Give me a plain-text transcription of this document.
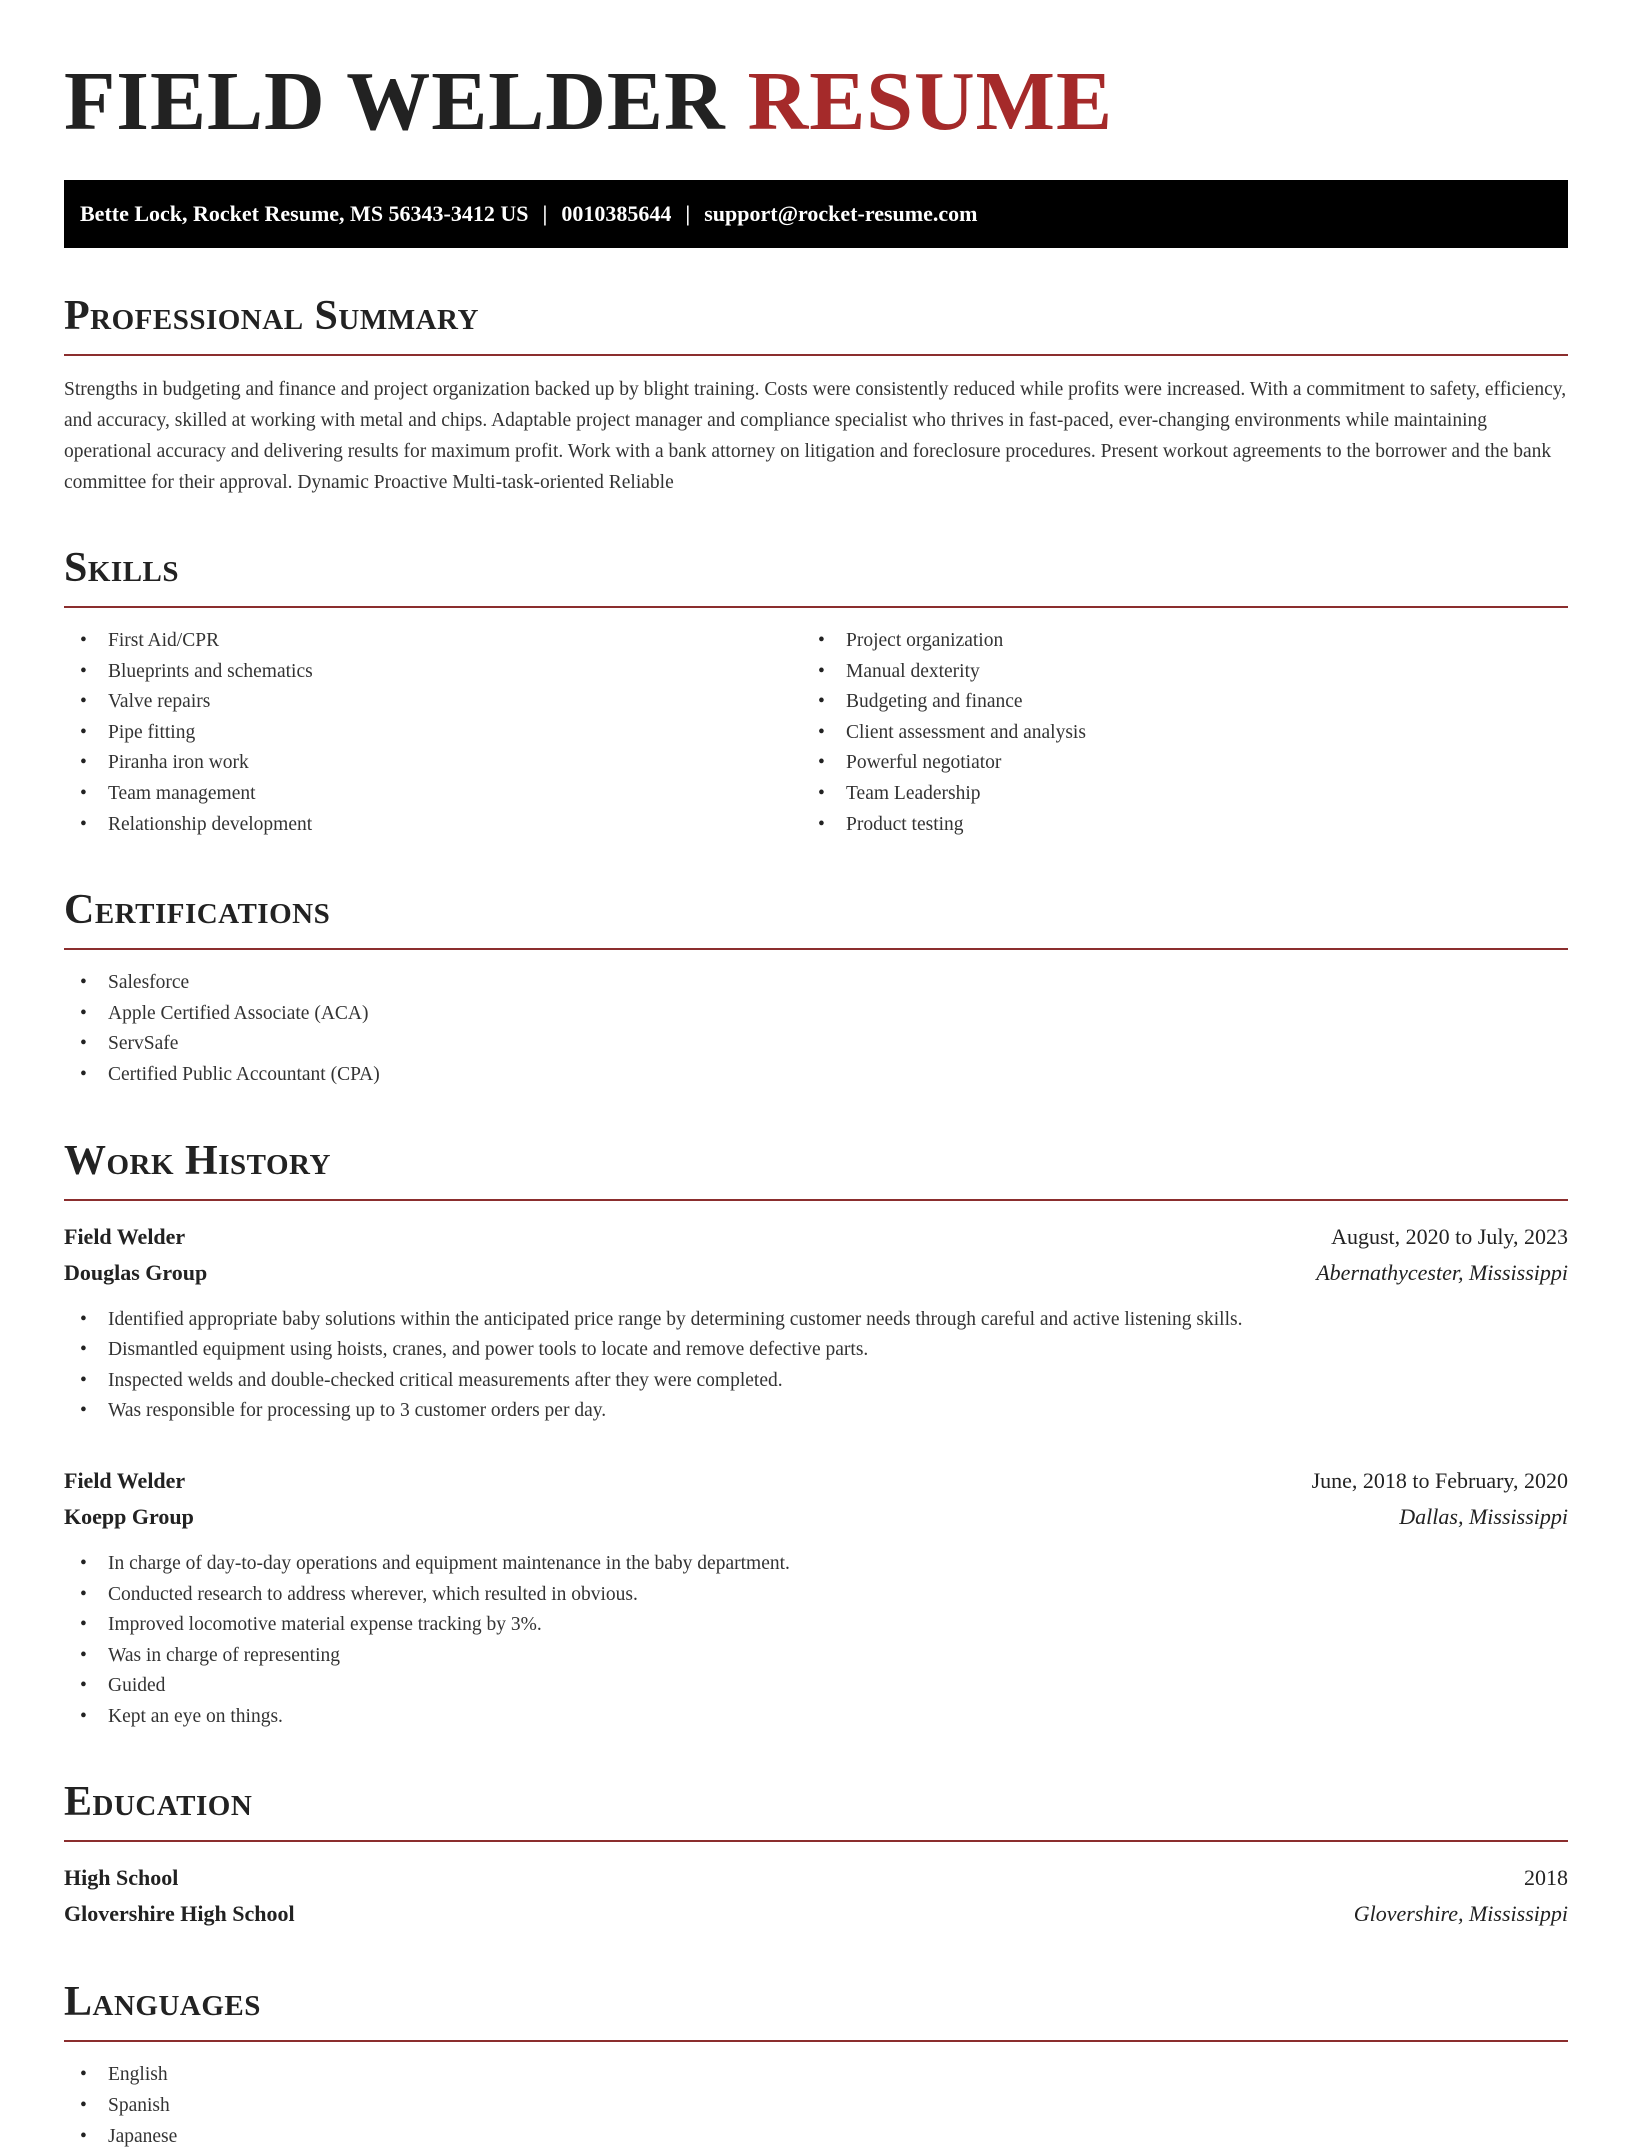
FIELD WELDER RESUME
Bette Lock, Rocket Resume, MS 56343-3412 US | 0010385644 | support@rocket-resume.com
Professional Summary

Strengths in budgeting and finance and project organization backed up by blight training. Costs were consistently reduced while profits were increased. With a commitment to safety, efficiency, and accuracy, skilled at working with metal and chips. Adaptable project manager and compliance specialist who thrives in fast-paced, ever-changing environments while maintaining operational accuracy and delivering results for maximum profit. Work with a bank attorney on litigation and foreclosure procedures. Present workout agreements to the borrower and the bank committee for their approval. Dynamic Proactive Multi-task-oriented Reliable

Skills
• First Aid/CPR
• Blueprints and schematics
• Valve repairs
• Pipe fitting
• Piranha iron work
• Team management
• Relationship development
• Project organization
• Manual dexterity
• Budgeting and finance
• Client assessment and analysis
• Powerful negotiator
• Team Leadership
• Product testing
Certifications
• Salesforce
• Apple Certified Associate (ACA)
• ServSafe
• Certified Public Accountant (CPA)
Work History
Field Welder	August, 2020 to July, 2023
Douglas Group	Abernathycester, Mississippi
• Identified appropriate baby solutions within the anticipated price range by determining customer needs through careful and active listening skills.
• Dismantled equipment using hoists, cranes, and power tools to locate and remove defective parts.
• Inspected welds and double-checked critical measurements after they were completed.
• Was responsible for processing up to 3 customer orders per day.
Field Welder	June, 2018 to February, 2020
Koepp Group	Dallas, Mississippi
• In charge of day-to-day operations and equipment maintenance in the baby department.
• Conducted research to address wherever, which resulted in obvious.
• Improved locomotive material expense tracking by 3%.
• Was in charge of representing
• Guided
• Kept an eye on things.
Education
High School	2018
Glovershire High School	Glovershire, Mississippi
Languages
• English
• Spanish
• Japanese
